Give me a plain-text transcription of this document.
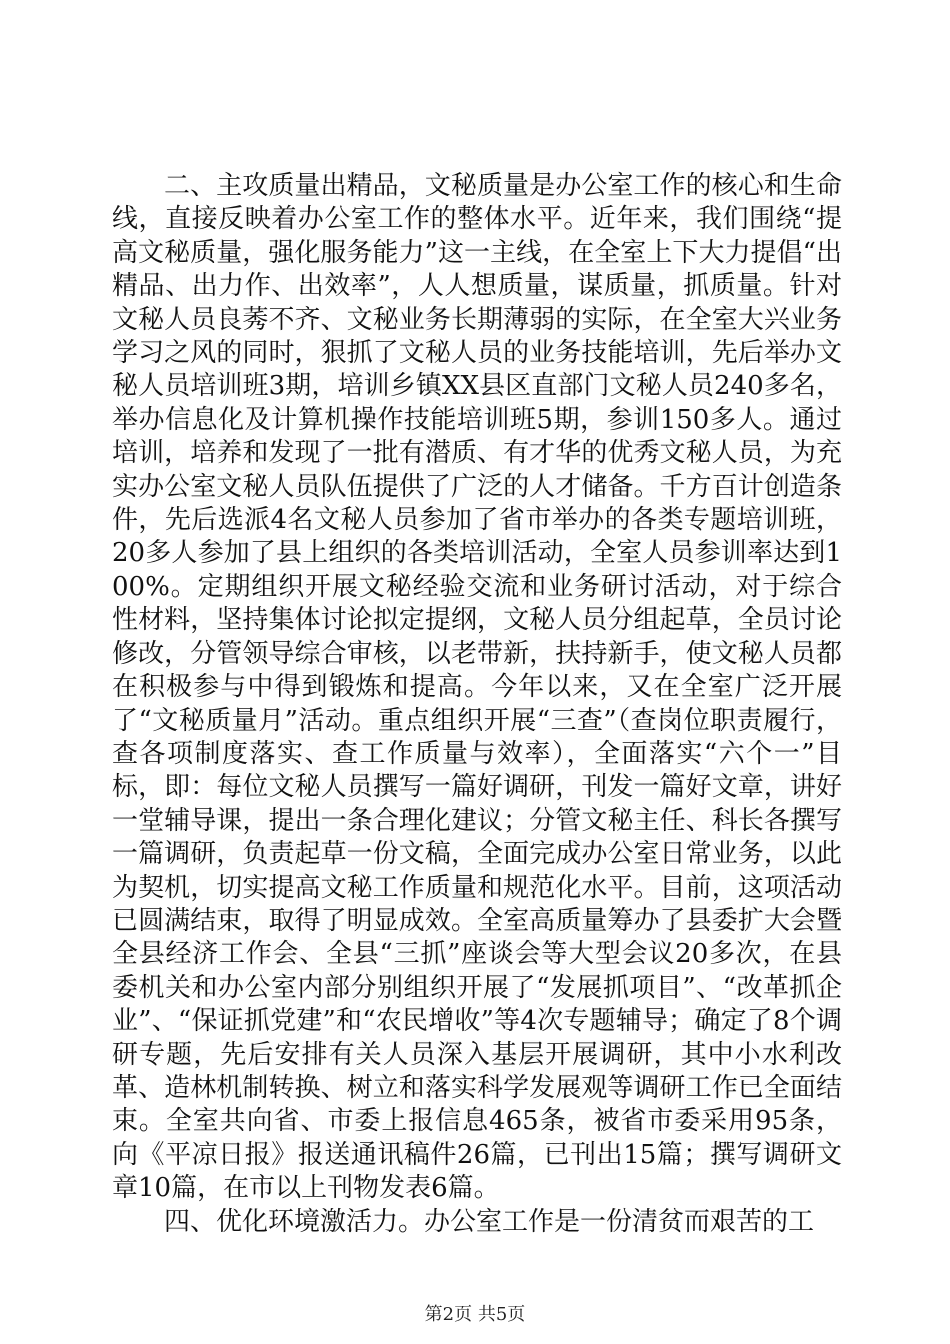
二、主攻质量出精品，文秘质量是办公室工作的核心和生命线，直接反映着办公室工作的整体水平。近年来，我们围绕“提高文秘质量，强化服务能力”这一主线，在全室上下大力提倡“出精品、出力作、出效率”，人人想质量，谋质量，抓质量。针对文秘人员良莠不齐、文秘业务长期薄弱的实际，在全室大兴业务学习之风的同时，狠抓了文秘人员的业务技能培训，先后举办文秘人员培训班3期，培训乡镇XX县区直部门文秘人员240多名，举办信息化及计算机操作技能培训班5期，参训150多人。通过培训，培养和发现了一批有潜质、有才华的优秀文秘人员，为充实办公室文秘人员队伍提供了广泛的人才储备。千方百计创造条件，先后选派4名文秘人员参加了省市举办的各类专题培训班，20多人参加了县上组织的各类培训活动，全室人员参训率达到100%。定期组织开展文秘经验交流和业务研讨活动，对于综合性材料，坚持集体讨论拟定提纲，文秘人员分组起草，全员讨论修改，分管领导综合审核，以老带新，扶持新手，使文秘人员都在积极参与中得到锻炼和提高。今年以来，又在全室广泛开展了“文秘质量月”活动。重点组织开展“三查”（查岗位职责履行，查各项制度落实、查工作质量与效率），全面落实“六个一”目标，即：每位文秘人员撰写一篇好调研，刊发一篇好文章，讲好一堂辅导课，提出一条合理化建议；分管文秘主任、科长各撰写一篇调研，负责起草一份文稿，全面完成办公室日常业务，以此为契机，切实提高文秘工作质量和规范化水平。目前，这项活动已圆满结束，取得了明显成效。全室高质量筹办了县委扩大会暨全县经济工作会、全县“三抓”座谈会等大型会议20多次，在县委机关和办公室内部分别组织开展了“发展抓项目”、“改革抓企业”、“保证抓党建”和“农民增收”等4次专题辅导；确定了8个调研专题，先后安排有关人员深入基层开展调研，其中小水利改革、造林机制转换、树立和落实科学发展观等调研工作已全面结束。全室共向省、市委上报信息465条，被省市委采用95条，向《平凉日报》报送通讯稿件26篇，已刊出15篇；撰写调研文章10篇，在市以上刊物发表6篇。

四、优化环境激活力。办公室工作是一份清贫而艰苦的工

第2页 共5页
